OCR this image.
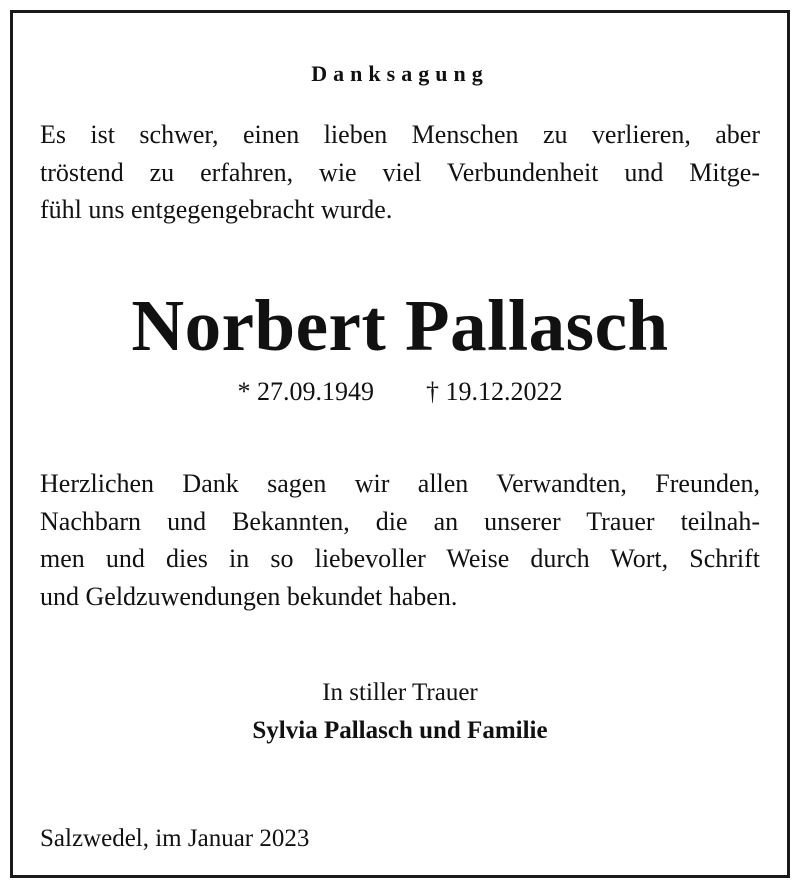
Danksagung
Es ist schwer, einen lieben Menschen zu verlieren, aber
tröstend zu erfahren, wie viel Verbundenheit und Mitge-
fühl uns entgegengebracht wurde.
Norbert Pallasch
* 27.09.1949 † 19.12.2022
Herzlichen Dank sagen wir allen Verwandten, Freunden,
Nachbarn und Bekannten, die an unserer Trauer teilnah-
men und dies in so liebevoller Weise durch Wort, Schrift
und Geldzuwendungen bekundet haben.
In stiller Trauer
Sylvia Pallasch und Familie
Salzwedel, im Januar 2023
